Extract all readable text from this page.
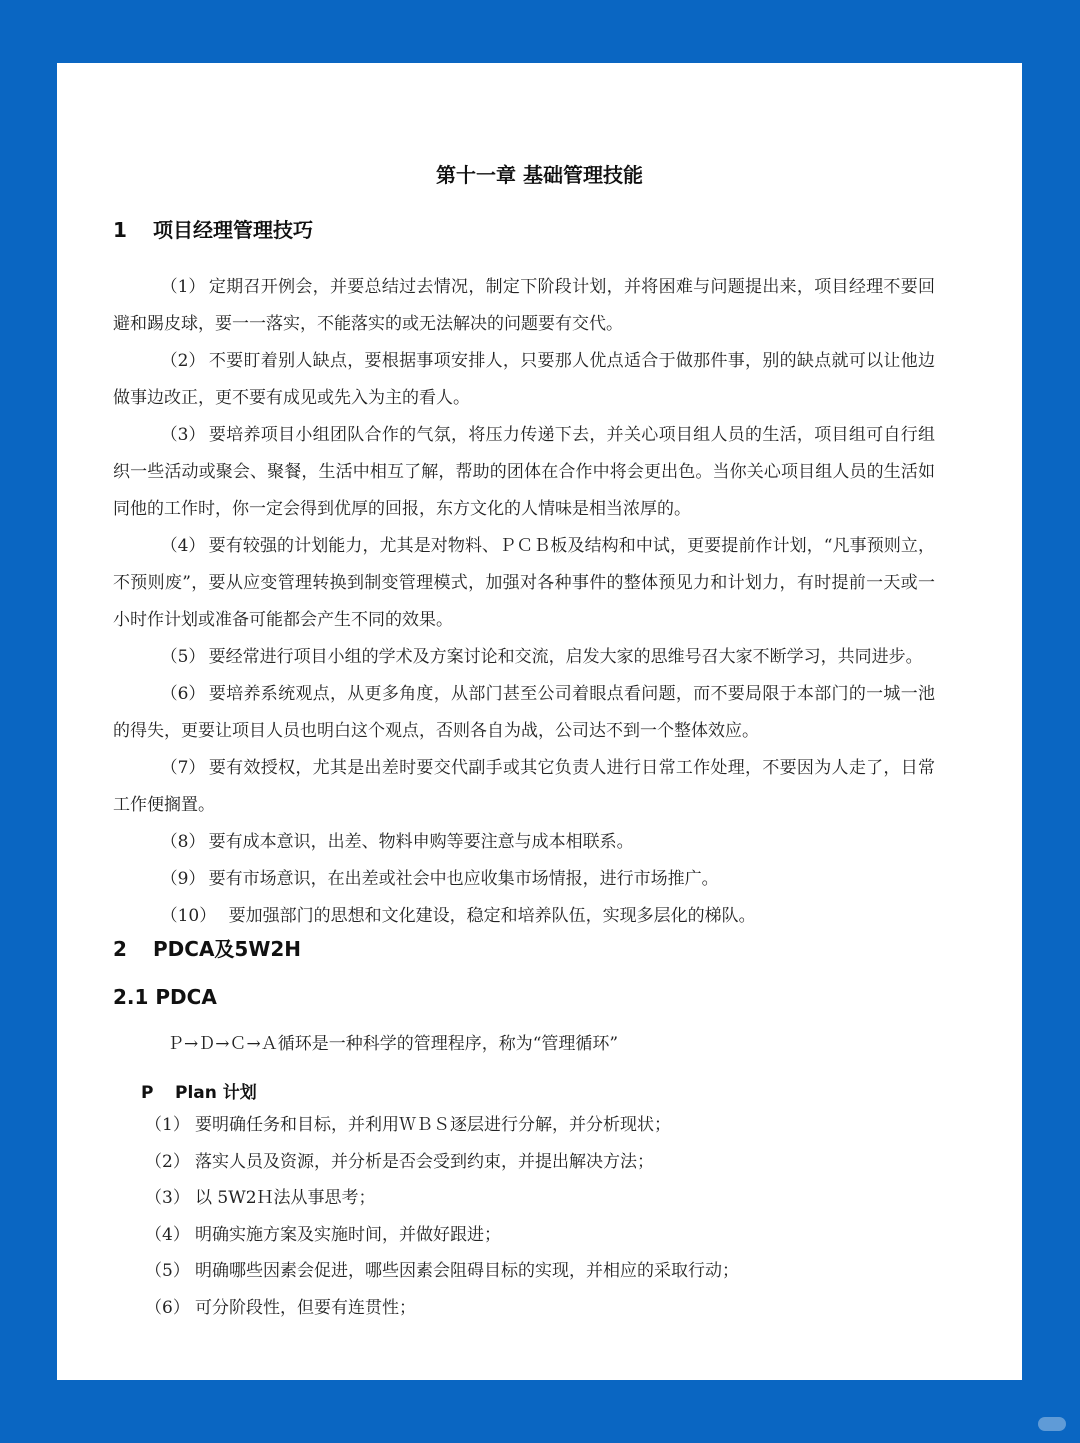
第十一章 基础管理技能
1 项目经理管理技巧

（1） 定期召开例会，并要总结过去情况，制定下阶段计划，并将困难与问题提出来，项目经理不要回避和踢皮球，要一一落实，不能落实的或无法解决的问题要有交代。

（2） 不要盯着别人缺点，要根据事项安排人，只要那人优点适合于做那件事，别的缺点就可以让他边做事边改正，更不要有成见或先入为主的看人。

（3） 要培养项目小组团队合作的气氛，将压力传递下去，并关心项目组人员的生活，项目组可自行组织一些活动或聚会、聚餐，生活中相互了解，帮助的团体在合作中将会更出色。当你关心项目组人员的生活如同他的工作时，你一定会得到优厚的回报，东方文化的人情味是相当浓厚的。

（4） 要有较强的计划能力，尤其是对物料、ＰＣＢ板及结构和中试，更要提前作计划，“凡事预则立，不预则废”，要从应变管理转换到制变管理模式，加强对各种事件的整体预见力和计划力，有时提前一天或一小时作计划或准备可能都会产生不同的效果。

（5） 要经常进行项目小组的学术及方案讨论和交流，启发大家的思维号召大家不断学习，共同进步。

（6） 要培养系统观点，从更多角度，从部门甚至公司着眼点看问题，而不要局限于本部门的一城一池的得失，更要让项目人员也明白这个观点，否则各自为战，公司达不到一个整体效应。

（7） 要有效授权，尤其是出差时要交代副手或其它负责人进行日常工作处理，不要因为人走了，日常工作便搁置。

（8） 要有成本意识，出差、物料申购等要注意与成本相联系。

（9） 要有市场意识，在出差或社会中也应收集市场情报，进行市场推广。

（10） 要加强部门的思想和文化建设，稳定和培养队伍，实现多层化的梯队。

2 PDCA及5W2H
2.1 PDCA
Ｐ→Ｄ→Ｃ→Ａ循环是一种科学的管理程序，称为“管理循环”
P Plan 计划
（1） 要明确任务和目标，并利用ＷＢＳ逐层进行分解，并分析现状；
（2） 落实人员及资源，并分析是否会受到约束，并提出解决方法；
（3） 以 5W2Ｈ法从事思考；
（4） 明确实施方案及实施时间，并做好跟进；
（5） 明确哪些因素会促进，哪些因素会阻碍目标的实现，并相应的采取行动；
（6） 可分阶段性，但要有连贯性；
